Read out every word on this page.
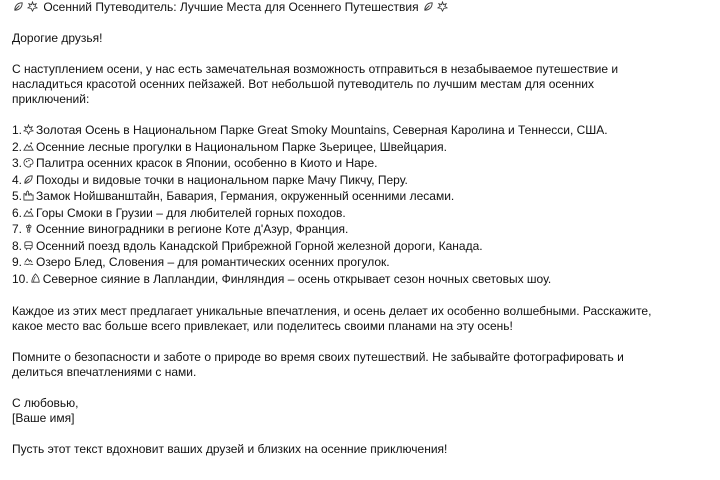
Осенний Путеводитель: Лучшие Места для Осеннего Путешествия
Дорогие друзья!
С наступлением осени, у нас есть замечательная возможность отправиться в незабываемое путешествие и
насладиться красотой осенних пейзажей. Вот небольшой путеводитель по лучшим местам для осенних
приключений:
1. Золотая Осень в Национальном Парке Great Smoky Mountains, Северная Каролина и Теннесси, США.
2. Осенние лесные прогулки в Национальном Парке Зьерицее, Швейцария.
3. Палитра осенних красок в Японии, особенно в Киото и Наре.
4. Походы и видовые точки в национальном парке Мачу Пикчу, Перу.
5. Замок Нойшванштайн, Бавария, Германия, окруженный осенними лесами.
6. Горы Смоки в Грузии – для любителей горных походов.
7. Осенние виноградники в регионе Коте д'Азур, Франция.
8. Осенний поезд вдоль Канадской Прибрежной Горной железной дороги, Канада.
9. Озеро Блед, Словения – для романтических осенних прогулок.
10. Северное сияние в Лапландии, Финляндия – осень открывает сезон ночных световых шоу.
Каждое из этих мест предлагает уникальные впечатления, и осень делает их особенно волшебными. Расскажите,
какое место вас больше всего привлекает, или поделитесь своими планами на эту осень!
Помните о безопасности и заботе о природе во время своих путешествий. Не забывайте фотографировать и
делиться впечатлениями с нами.
С любовью,
[Ваше имя]
Пусть этот текст вдохновит ваших друзей и близких на осенние приключения!
